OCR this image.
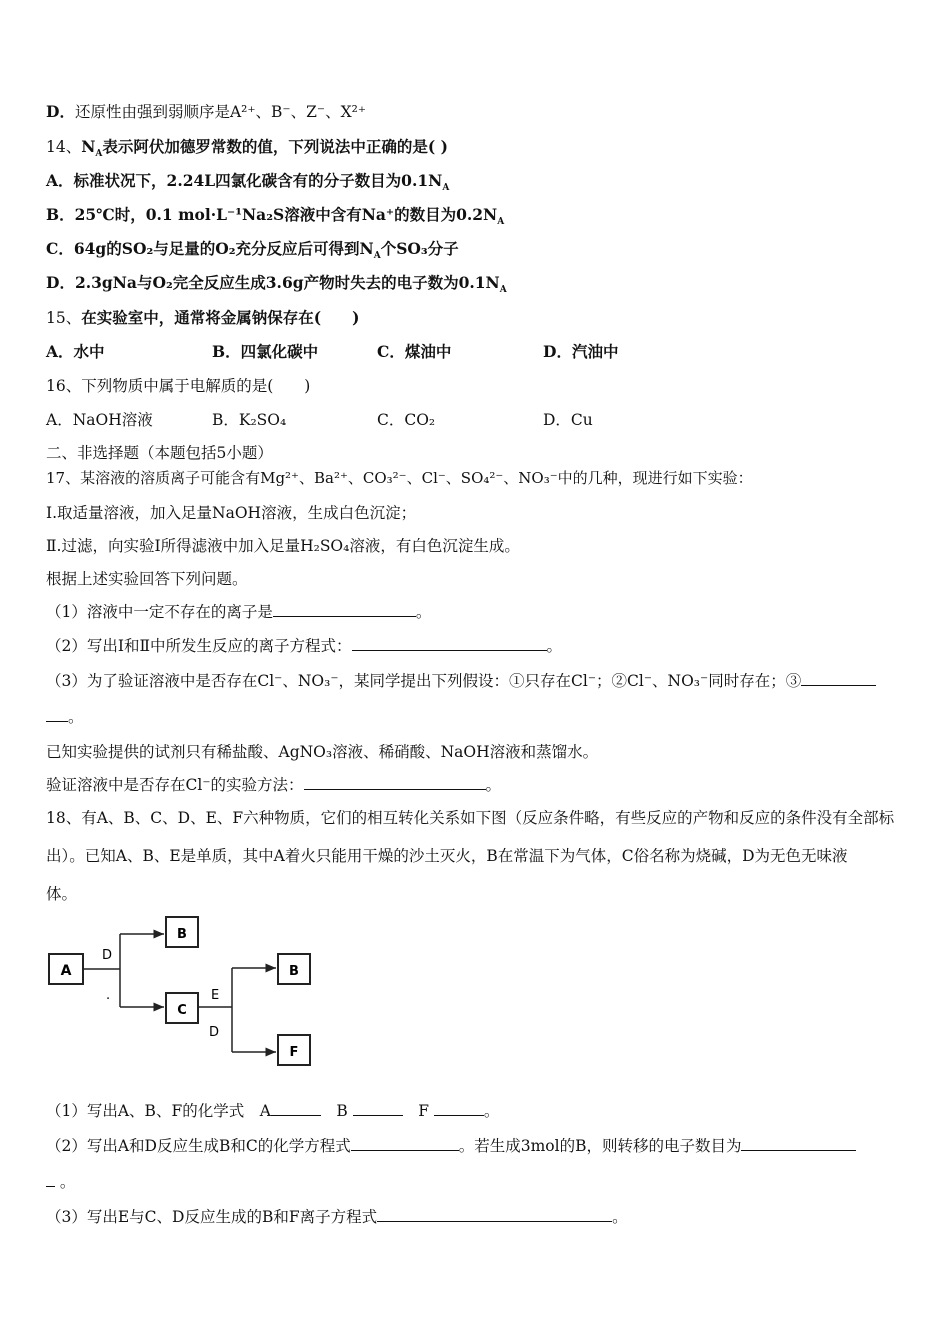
D．还原性由强到弱顺序是A²⁺、B⁻、Z⁻、X²⁺
14、$N_A$表示阿伏加德罗常数的值，下列说法中正确的是( )
A．标准状况下，2.24L四氯化碳含有的分子数目为$0.1N_A$
B．25℃时，0.1 mol·L⁻¹Na₂S溶液中含有Na⁺的数目为$0.2N_A$
C．64g的SO₂与足量的O₂充分反应后可得到$N_A$个SO₃分子
D．2.3gNa与O₂完全反应生成3.6g产物时失去的电子数为$0.1N_A$
15、在实验室中，通常将金属钠保存在(　　)
A．水中	B．四氯化碳中	C．煤油中	D．汽油中
16、下列物质中属于电解质的是(　　)
A．NaOH溶液	B．K₂SO₄	C．CO₂	D．Cu
二、非选择题（本题包括5小题）
17、某溶液的溶质离子可能含有Mg²⁺、Ba²⁺、CO₃²⁻、Cl⁻、SO₄²⁻、NO₃⁻中的几种，现进行如下实验：
Ⅰ.取适量溶液，加入足量NaOH溶液，生成白色沉淀；
Ⅱ.过滤，向实验Ⅰ所得滤液中加入足量H₂SO₄溶液，有白色沉淀生成。
根据上述实验回答下列问题。
（1）溶液中一定不存在的离子是	。
（2）写出Ⅰ和Ⅱ中所发生反应的离子方程式：	。
（3）为了验证溶液中是否存在Cl⁻、NO₃⁻，某同学提出下列假设：①只存在Cl⁻；②Cl⁻、NO₃⁻同时存在；③
。
已知实验提供的试剂只有稀盐酸、AgNO₃溶液、稀硝酸、NaOH溶液和蒸馏水。
验证溶液中是否存在Cl⁻的实验方法：	。
18、有A、B、C、D、E、F六种物质，它们的相互转化关系如下图（反应条件略，有些反应的产物和反应的条件没有全部标
出）。已知A、B、E是单质，其中A着火只能用干燥的沙土灭火，B在常温下为气体，C俗名称为烧碱，D为无色无味液
体。
A
D
.
B
C
E
D
B
F
（1）写出A、B、F的化学式　A	　B	　F	。
（2）写出A和D反应生成B和C的化学方程式	。若生成3mol的B，则转移的电子数目为
。
（3）写出E与C、D反应生成的B和F离子方程式	。
